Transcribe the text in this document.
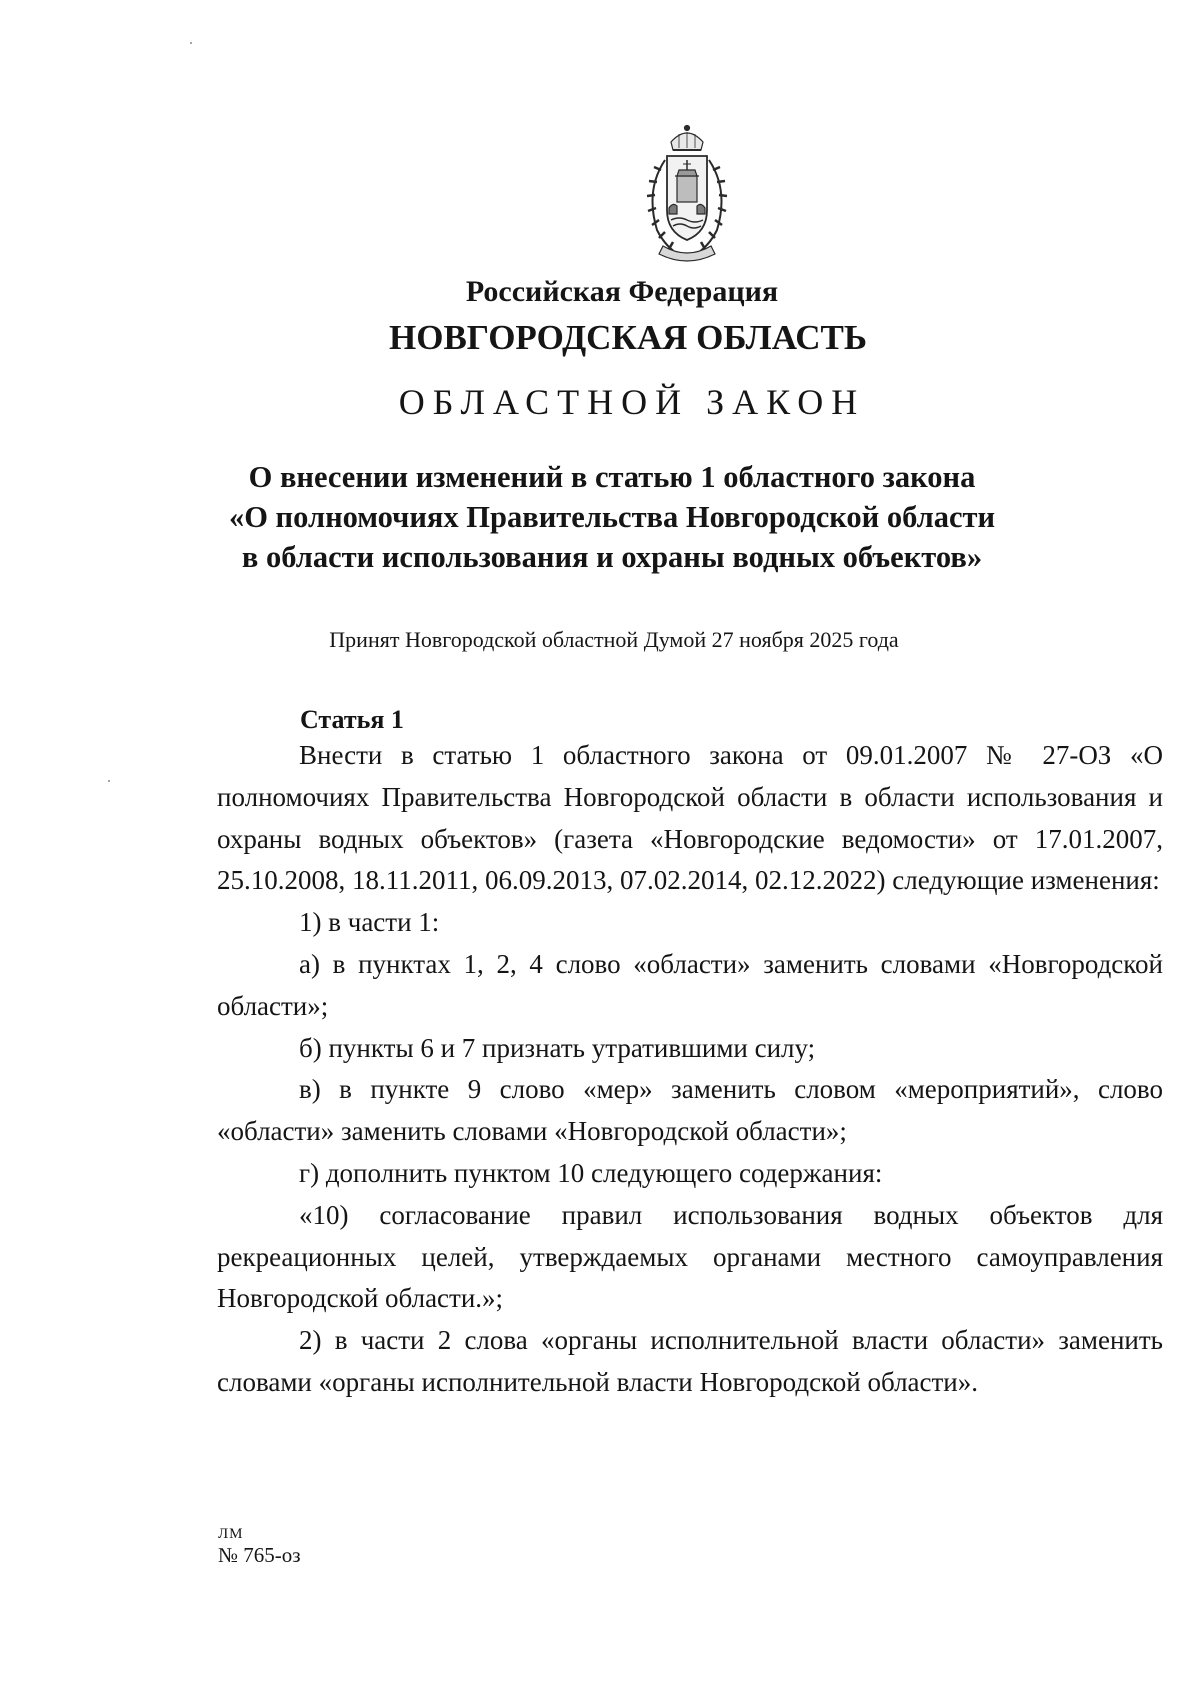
Российская Федерация
НОВГОРОДСКАЯ ОБЛАСТЬ
ОБЛАСТНОЙ ЗАКОН
О внесении изменений в статью 1 областного закона
«О полномочиях Правительства Новгородской области
в области использования и охраны водных объектов»
Принят Новгородской областной Думой 27 ноября 2025 года
Статья 1

Внести в статью 1 областного закона от 09.01.2007 № 27-ОЗ «О полномочиях Правительства Новгородской области в области использования и охраны водных объектов» (газета «Новгородские ведомости» от 17.01.2007, 25.10.2008, 18.11.2011, 06.09.2013, 07.02.2014, 02.12.2022) следующие изменения:

1) в части 1:

а) в пунктах 1, 2, 4 слово «области» заменить словами «Новгородской области»;

б) пункты 6 и 7 признать утратившими силу;

в) в пункте 9 слово «мер» заменить словом «мероприятий», слово «области» заменить словами «Новгородской области»;

г) дополнить пунктом 10 следующего содержания:

«10) согласование правил использования водных объектов для рекреационных целей, утверждаемых органами местного самоуправления Новгородской области.»;

2) в части 2 слова «органы исполнительной власти области» заменить словами «органы исполнительной власти Новгородской области».

ЛМ
№ 765-оз
